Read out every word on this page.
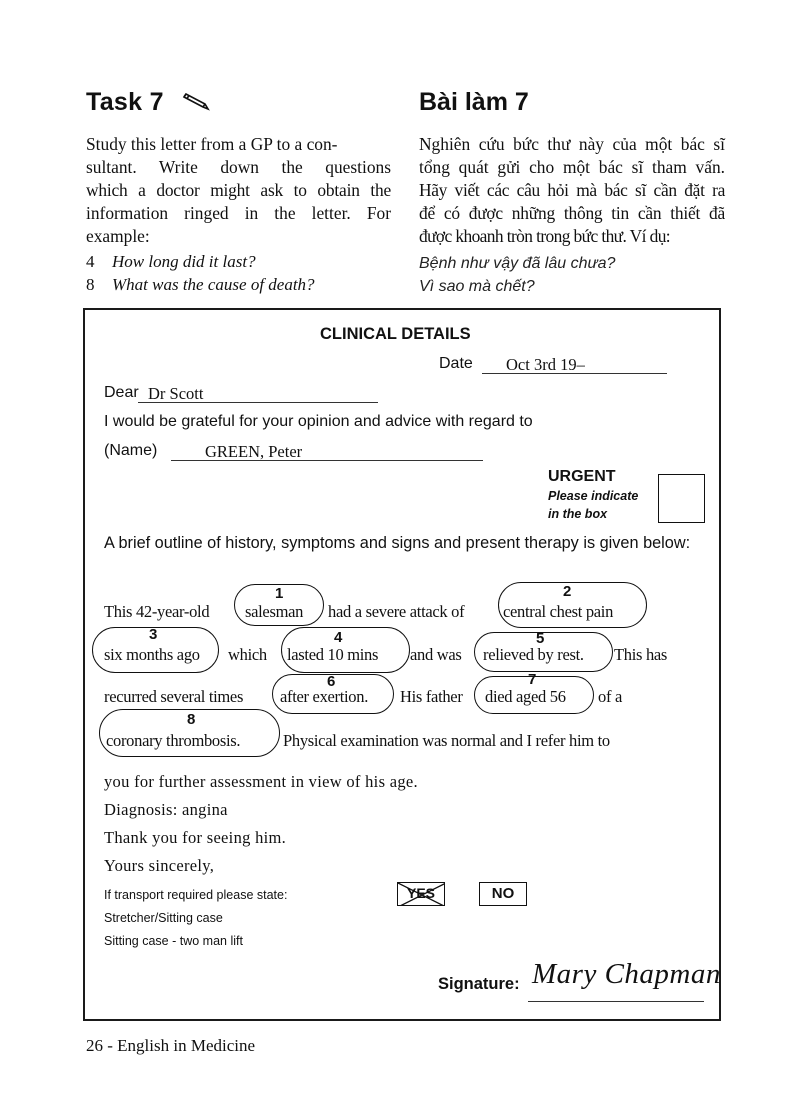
Task 7	Bài làm 7
Study this letter from a GP to a con-
sultant. Write down the questions
which a doctor might ask to obtain the
information ringed in the letter. For
example:
4 How long did it last?
8 What was the cause of death?
Nghiên cứu bức thư này của một bác sĩ
tổng quát gửi cho một bác sĩ tham vấn.
Hãy viết các câu hỏi mà bác sĩ cần đặt ra
để có được những thông tin cần thiết đã
được khoanh tròn trong bức thư. Ví dụ:
Bệnh như vậy đã lâu chưa?
Vì sao mà chết?
CLINICAL DETAILS
Date Oct 3rd 19–
Dear Dr Scott
I would be grateful for your opinion and advice with regard to
(Name)	GREEN, Peter
URGENT
Please indicate
in the box
A brief outline of history, symptoms and signs and present therapy is given below:
This 42-year-old
1
salesman had a severe attack of
2
central chest pain
3
six months ago which
4
lasted 10 mins and was
5
relieved by rest. This has
recurred several times
6
after exertion. His father
7
died aged 56 of a
8
coronary thrombosis.	Physical examination was normal and I refer him to
you for further assessment in view of his age.
Diagnosis: angina
Thank you for seeing him.
Yours sincerely,
If transport required please state:
Stretcher/Sitting case
Sitting case - two man lift
YES	NO
Signature: Mary Chapman
26 - English in Medicine
